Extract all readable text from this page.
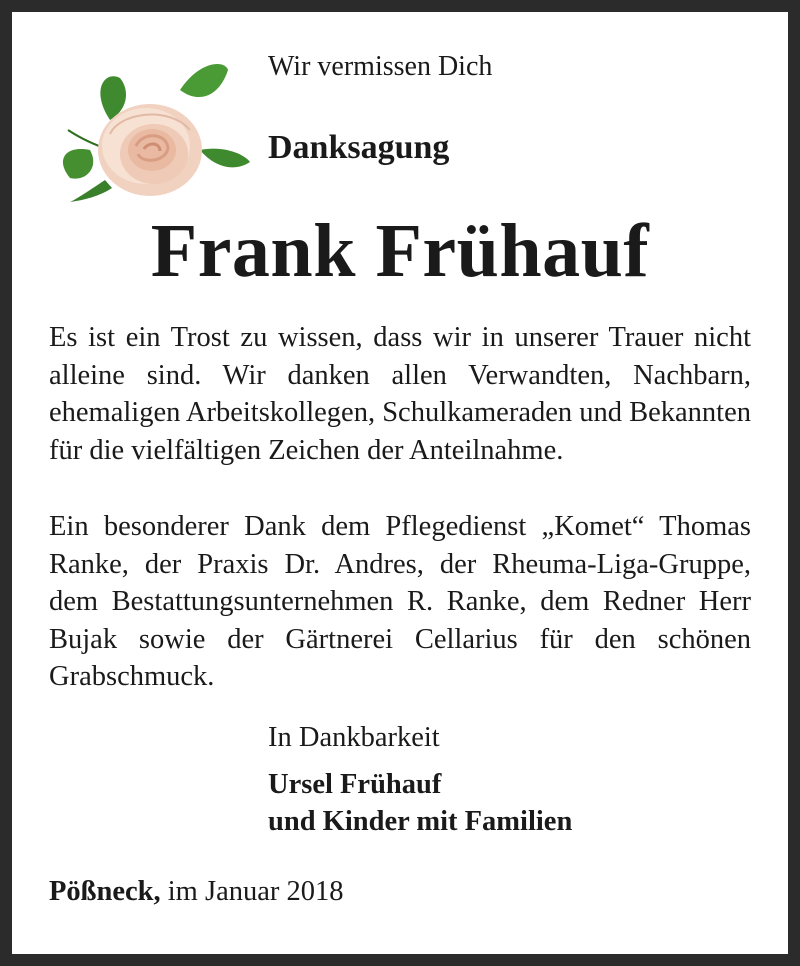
Wir vermissen Dich
Danksagung
Frank Frühauf

Es ist ein Trost zu wissen, dass wir in unserer Trauer nicht alleine sind. Wir danken allen Verwandten, Nachbarn, ehemaligen Arbeitskollegen, Schulkameraden und Bekannten für die vielfältigen Zeichen der Anteilnahme.

Ein besonderer Dank dem Pflegedienst „Komet“ Thomas Ranke, der Praxis Dr. Andres, der Rheuma-Liga-Gruppe, dem Bestattungsunternehmen R. Ranke, dem Redner Herr Bujak sowie der Gärtnerei Cellarius für den schönen Grabschmuck.

In Dankbarkeit
Ursel Frühauf
und Kinder mit Familien
Pößneck, im Januar 2018
